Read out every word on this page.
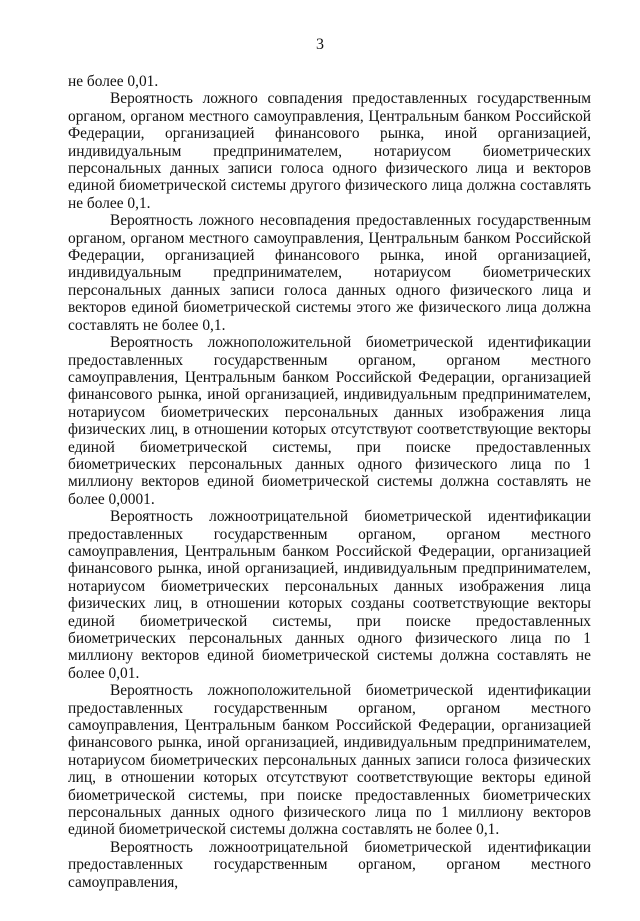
3

не более 0,01.

Вероятность ложного совпадения предоставленных государственным органом, органом местного самоуправления, Центральным банком Российской Федерации, организацией финансового рынка, иной организацией, индивидуальным предпринимателем, нотариусом биометрических персональных данных записи голоса одного физического лица и векторов единой биометрической системы другого физического лица должна составлять не более 0,1.

Вероятность ложного несовпадения предоставленных государственным органом, органом местного самоуправления, Центральным банком Российской Федерации, организацией финансового рынка, иной организацией, индивидуальным предпринимателем, нотариусом биометрических персональных данных записи голоса данных одного физического лица и векторов единой биометрической системы этого же физического лица должна составлять не более 0,1.

Вероятность ложноположительной биометрической идентификации предоставленных государственным органом, органом местного самоуправления, Центральным банком Российской Федерации, организацией финансового рынка, иной организацией, индивидуальным предпринимателем, нотариусом биометрических персональных данных изображения лица физических лиц, в отношении которых отсутствуют соответствующие векторы единой биометрической системы, при поиске предоставленных биометрических персональных данных одного физического лица по 1 миллиону векторов единой биометрической системы должна составлять не более 0,0001.

Вероятность ложноотрицательной биометрической идентификации предоставленных государственным органом, органом местного самоуправления, Центральным банком Российской Федерации, организацией финансового рынка, иной организацией, индивидуальным предпринимателем, нотариусом биометрических персональных данных изображения лица физических лиц, в отношении которых созданы соответствующие векторы единой биометрической системы, при поиске предоставленных биометрических персональных данных одного физического лица по 1 миллиону векторов единой биометрической системы должна составлять не более 0,01.

Вероятность ложноположительной биометрической идентификации предоставленных государственным органом, органом местного самоуправления, Центральным банком Российской Федерации, организацией финансового рынка, иной организацией, индивидуальным предпринимателем, нотариусом биометрических персональных данных записи голоса физических лиц, в отношении которых отсутствуют соответствующие векторы единой биометрической системы, при поиске предоставленных биометрических персональных данных одного физического лица по 1 миллиону векторов единой биометрической системы должна составлять не более 0,1.

Вероятность ложноотрицательной биометрической идентификации предоставленных государственным органом, органом местного самоуправления,
